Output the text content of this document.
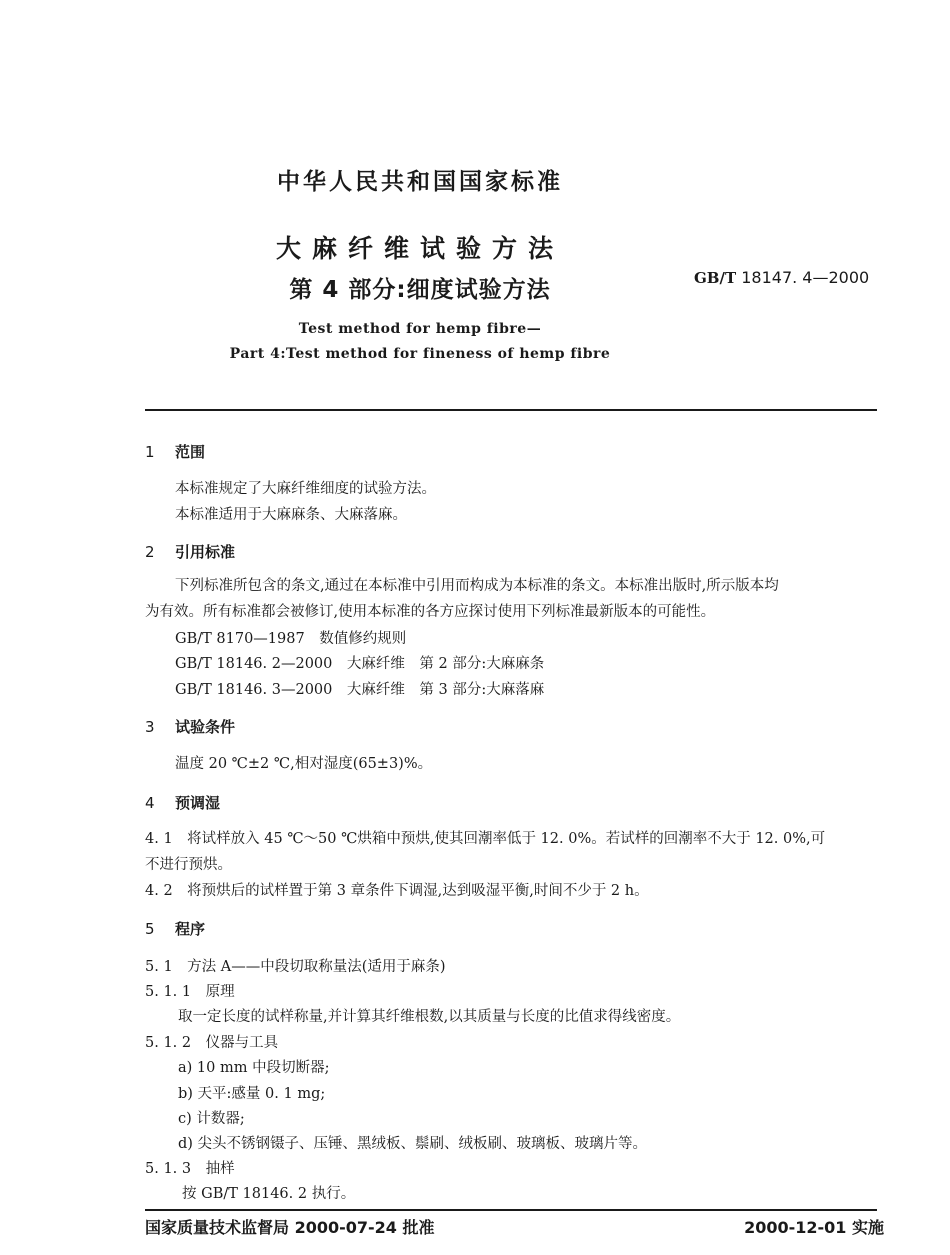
中华人民共和国国家标准
大麻纤维试验方法
第 4 部分:细度试验方法	GB/T 18147. 4—2000
Test method for hemp fibre—
Part 4:Test method for fineness of hemp fibre
1 范围
本标准规定了大麻纤维细度的试验方法。
本标准适用于大麻麻条、大麻落麻。
2 引用标准
下列标准所包含的条文,通过在本标准中引用而构成为本标准的条文。本标准出版时,所示版本均
为有效。所有标准都会被修订,使用本标准的各方应探讨使用下列标准最新版本的可能性。
GB/T 8170—1987　数值修约规则
GB/T 18146. 2—2000　大麻纤维　第 2 部分:大麻麻条
GB/T 18146. 3—2000　大麻纤维　第 3 部分:大麻落麻
3 试验条件
温度 20 ℃±2 ℃,相对湿度(65±3)%。
4 预调湿
4. 1　将试样放入 45 ℃～50 ℃烘箱中预烘,使其回潮率低于 12. 0%。若试样的回潮率不大于 12. 0%,可
不进行预烘。
4. 2　将预烘后的试样置于第 3 章条件下调湿,达到吸湿平衡,时间不少于 2 h。
5 程序
5. 1　方法 A——中段切取称量法(适用于麻条)
5. 1. 1　原理
取一定长度的试样称量,并计算其纤维根数,以其质量与长度的比值求得线密度。
5. 1. 2　仪器与工具
a) 10 mm 中段切断器;
b) 天平:感量 0. 1 mg;
c) 计数器;
d) 尖头不锈钢镊子、压锤、黑绒板、鬃刷、绒板刷、玻璃板、玻璃片等。
5. 1. 3　抽样
按 GB/T 18146. 2 执行。
国家质量技术监督局 2000-07-24 批准	2000-12-01 实施
